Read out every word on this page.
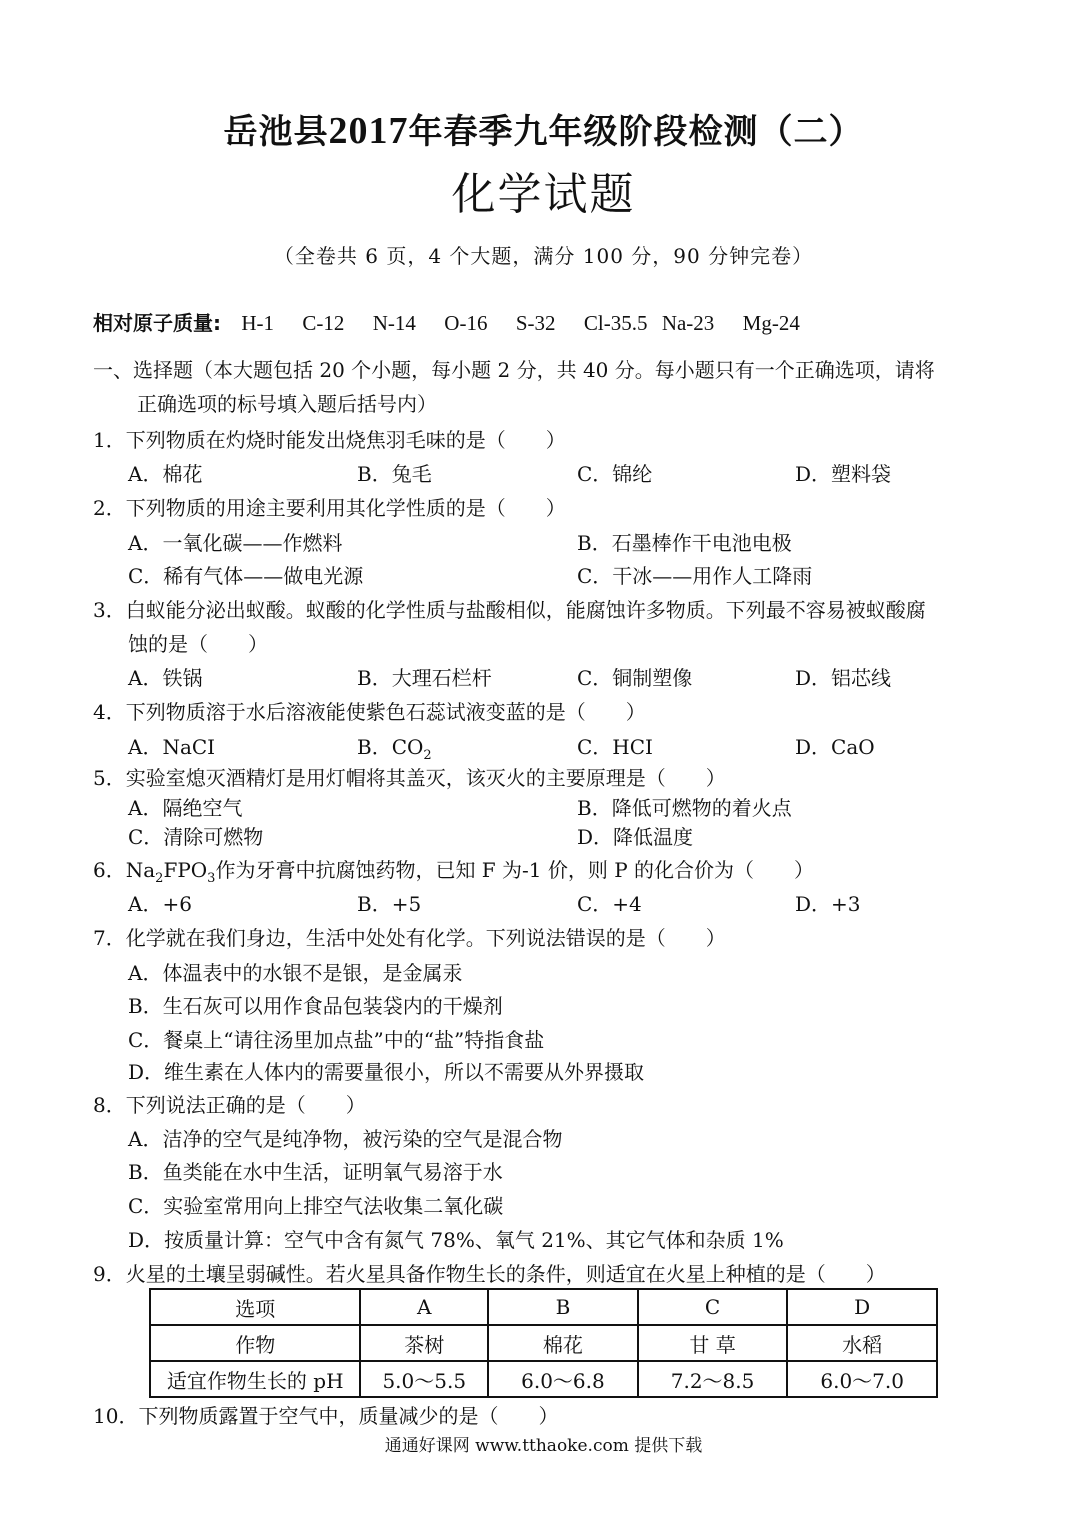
岳池县2017年春季九年级阶段检测（二）
化学试题
（全卷共 6 页，4 个大题，满分 100 分，90 分钟完卷）
相对原子质量: H-1 C-12 N-14 O-16 S-32 Cl-35.5 Na-23 Mg-24
一、选择题（本大题包括 20 个小题，每小题 2 分，共 40 分。每小题只有一个正确选项，请将
正确选项的标号填入题后括号内）
1．下列物质在灼烧时能发出烧焦羽毛味的是（　　）
A．棉花	B．兔毛	C．锦纶	D．塑料袋
2．下列物质的用途主要利用其化学性质的是（　　）
A．一氧化碳——作燃料	B．石墨棒作干电池电极
C．稀有气体——做电光源	C．干冰——用作人工降雨
3．白蚁能分泌出蚁酸。蚁酸的化学性质与盐酸相似，能腐蚀许多物质。下列最不容易被蚁酸腐
蚀的是（　　）
A．铁锅	B．大理石栏杆	C．铜制塑像	D．铝芯线
4．下列物质溶于水后溶液能使紫色石蕊试液变蓝的是（　　）
A．NaCI	B．$CO_2$	C．HCI	D．CaO
5．实验室熄灭酒精灯是用灯帽将其盖灭，该灭火的主要原理是（　　）
A．隔绝空气	B．降低可燃物的着火点
C．清除可燃物	D．降低温度
6．$Na_2FPO_3$作为牙膏中抗腐蚀药物，已知 F 为-1 价，则 P 的化合价为（　　）
A．+6	B．+5	C．+4	D．+3
7．化学就在我们身边，生活中处处有化学。下列说法错误的是（　　）
A．体温表中的水银不是银，是金属汞
B．生石灰可以用作食品包装袋内的干燥剂
C．餐桌上“请往汤里加点盐”中的“盐”特指食盐
D．维生素在人体内的需要量很小，所以不需要从外界摄取
8．下列说法正确的是（　　）
A．洁净的空气是纯净物，被污染的空气是混合物
B．鱼类能在水中生活，证明氧气易溶于水
C．实验室常用向上排空气法收集二氧化碳
D．按质量计算：空气中含有氮气 78%、氧气 21%、其它气体和杂质 1%
9．火星的土壤呈弱碱性。若火星具备作物生长的条件，则适宜在火星上种植的是（　　）
选项	A	B	C	D
作物	茶树	棉花	甘 草	水稻
适宜作物生长的 pH	5.0～5.5	6.0～6.8	7.2～8.5	6.0～7.0
10．下列物质露置于空气中，质量减少的是（　　）
通通好课网 www.tthaoke.com 提供下载
